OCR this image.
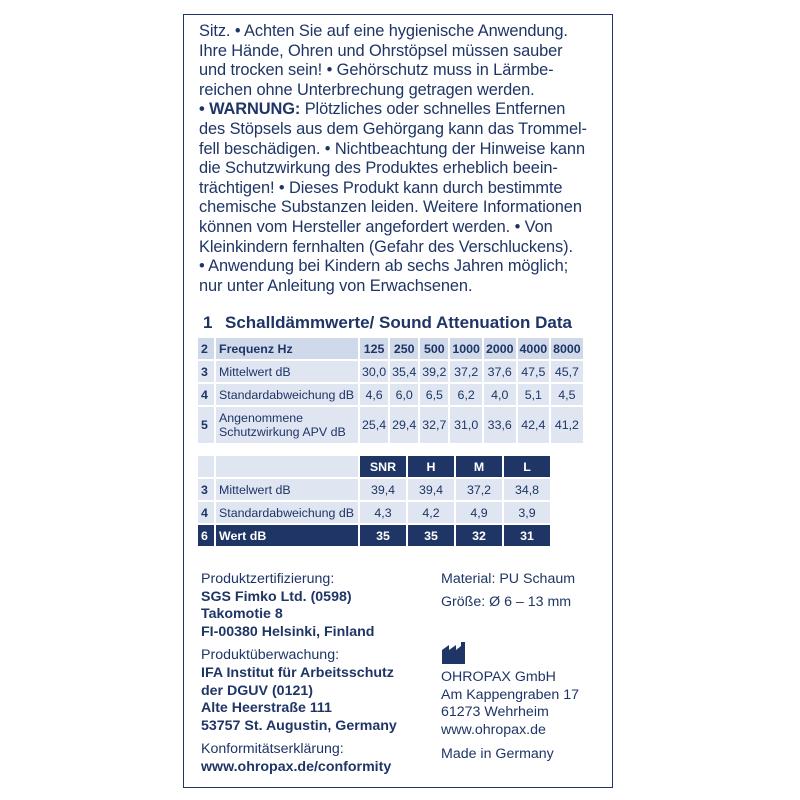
Sitz. • Achten Sie auf eine hygienische Anwendung.

Ihre Hände, Ohren und Ohrstöpsel müssen sauber

und trocken sein! • Gehörschutz muss in Lärmbe-

reichen ohne Unterbrechung getragen werden.

• WARNUNG: Plötzliches oder schnelles Entfernen

des Stöpsels aus dem Gehörgang kann das Trommel-

fell beschädigen. • Nichtbeachtung der Hinweise kann

die Schutzwirkung des Produktes erheblich beein-

trächtigen! • Dieses Produkt kann durch bestimmte

chemische Substanzen leiden. Weitere Informationen

können vom Hersteller angefordert werden. • Von

Kleinkindern fernhalten (Gefahr des Verschluckens).

• Anwendung bei Kindern ab sechs Jahren möglich;

nur unter Anleitung von Erwachsenen.

1 Schalldämmwerte/ Sound Attenuation Data
2	Frequenz Hz	125	250	500	1000	2000	4000	8000
3	Mittelwert dB	30,0	35,4	39,2	37,2	37,6	47,5	45,7
4	Standardabweichung dB	4,6	6,0	6,5	6,2	4,0	5,1	4,5
5	Angenommene
Schutzwirkung APV dB	25,4	29,4	32,7	31,0	33,6	42,4	41,2
		SNR	H	M	L
3	Mittelwert dB	39,4	39,4	37,2	34,8
4	Standardabweichung dB	4,3	4,2	4,9	3,9
6	Wert dB	35	35	32	31
Produktzertifizierung:
SGS Fimko Ltd. (0598)
Takomotie 8
FI-00380 Helsinki, Finland
Produktüberwachung:
IFA Institut für Arbeitsschutz
der DGUV (0121)
Alte Heerstraße 111
53757 St. Augustin, Germany
Konformitätserklärung:
www.ohropax.de/conformity
Material: PU Schaum
Größe: Ø 6 – 13 mm
OHROPAX GmbH
Am Kappengraben 17
61273 Wehrheim
www.ohropax.de
Made in Germany
